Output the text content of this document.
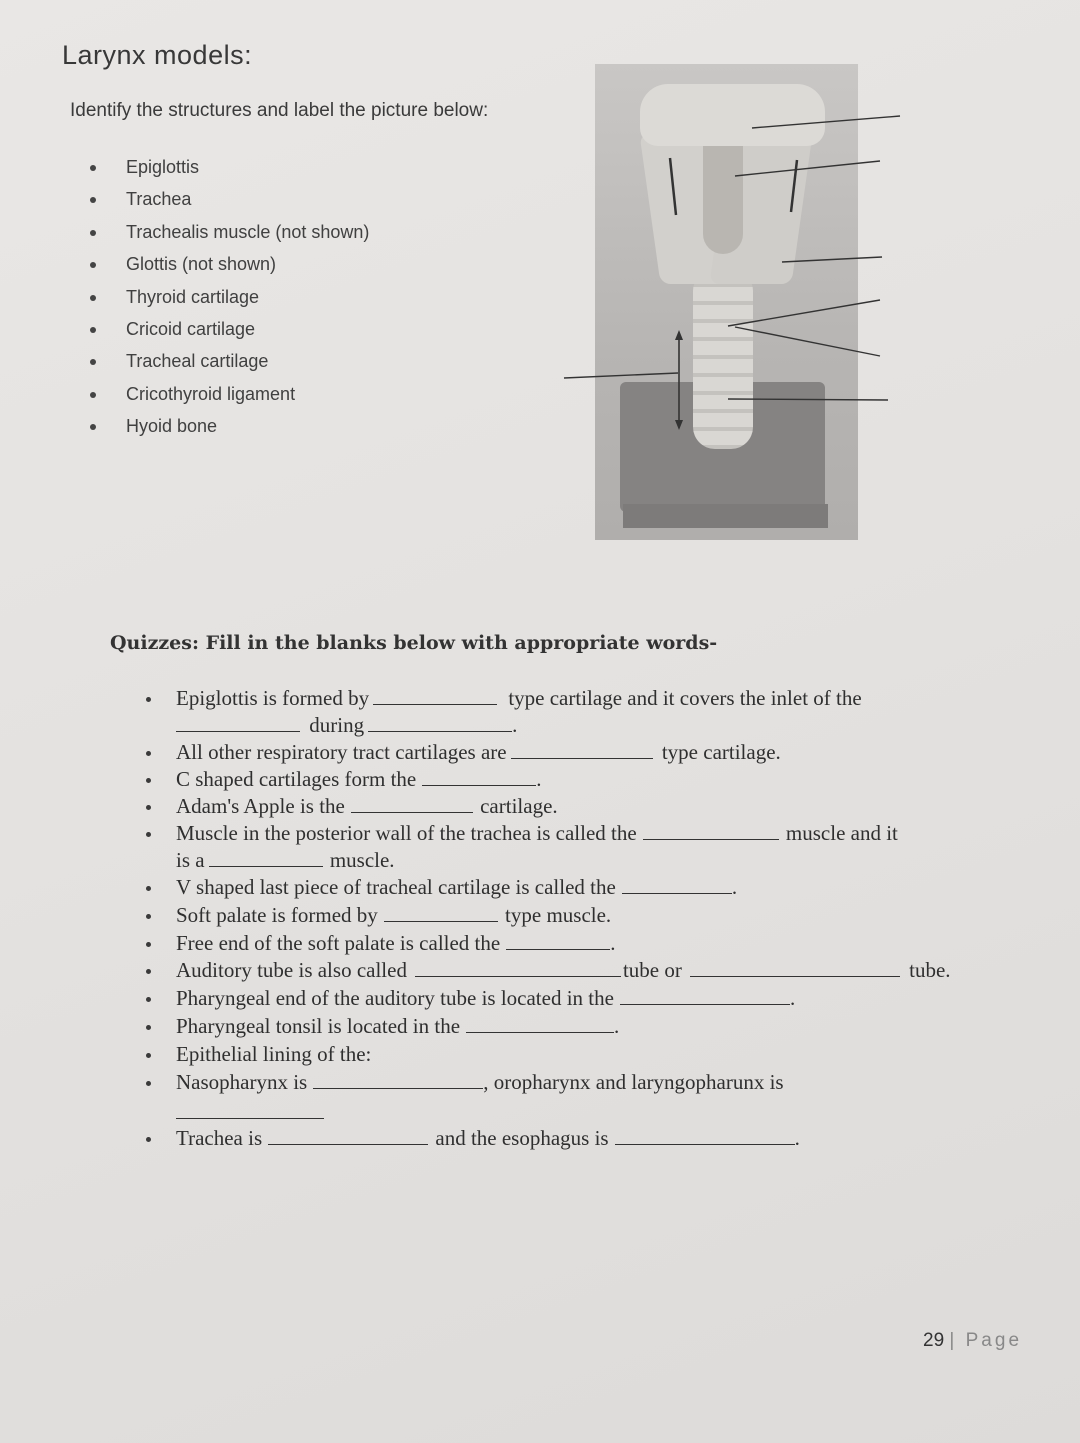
Larynx models:
Identify the structures and label the picture below:
Epiglottis
Trachea
Trachealis muscle (not shown)
Glottis (not shown)
Thyroid cartilage
Cricoid cartilage
Tracheal cartilage
Cricothyroid ligament
Hyoid bone
Quizzes: Fill in the blanks below with appropriate words-
Epiglottis is formed by	type cartilage and it covers the inlet of the
during	.
All other respiratory tract cartilages are	type cartilage.
C shaped cartilages form the	.
Adam's Apple is the	cartilage.
Muscle in the posterior wall of the trachea is called the	muscle and it
is a	muscle.
V shaped last piece of tracheal cartilage is called the	.
Soft palate is formed by	type muscle.
Free end of the soft palate is called the	.
Auditory tube is also called	tube or	tube.
Pharyngeal end of the auditory tube is located in the	.
Pharyngeal tonsil is located in the	.
Epithelial lining of the:
Nasopharynx is	, oropharynx and laryngopharunx is
Trachea is	and the esophagus is	.
29 | Page
